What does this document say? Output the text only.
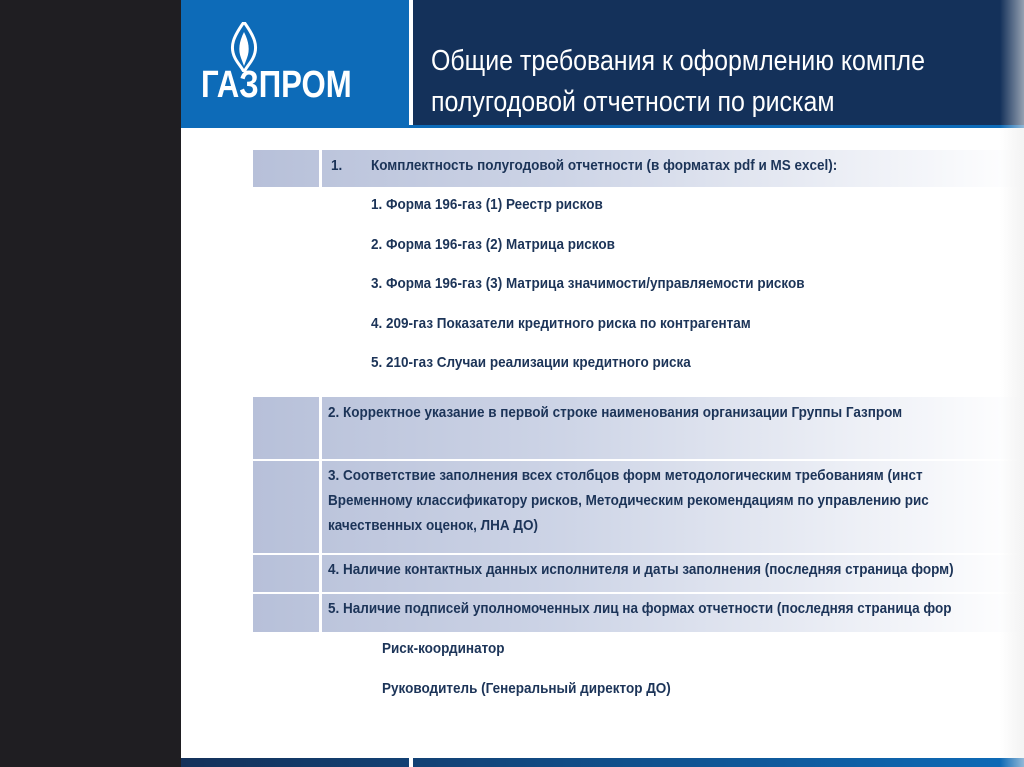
ГАЗПРОМ
Общие требования к оформлению компле
полугодовой отчетности по рискам
1. Комплектность полугодовой отчетности (в форматах pdf и MS excel):
1. Форма 196-газ (1) Реестр рисков
2. Форма 196-газ (2) Матрица рисков
3. Форма 196-газ (3) Матрица значимости/управляемости рисков
4. 209-газ Показатели кредитного риска по контрагентам
5. 210-газ Случаи реализации кредитного риска
2. Корректное указание в первой строке наименования организации Группы Газпром
3. Соответствие заполнения всех столбцов форм методологическим требованиям (инст
Временному классификатору рисков, Методическим рекомендациям по управлению рис
качественных оценок, ЛНА ДО)
4. Наличие контактных данных исполнителя и даты заполнения (последняя страница форм)
5. Наличие подписей уполномоченных лиц на формах отчетности (последняя страница фор
Риск-координатор
Руководитель (Генеральный директор ДО)
